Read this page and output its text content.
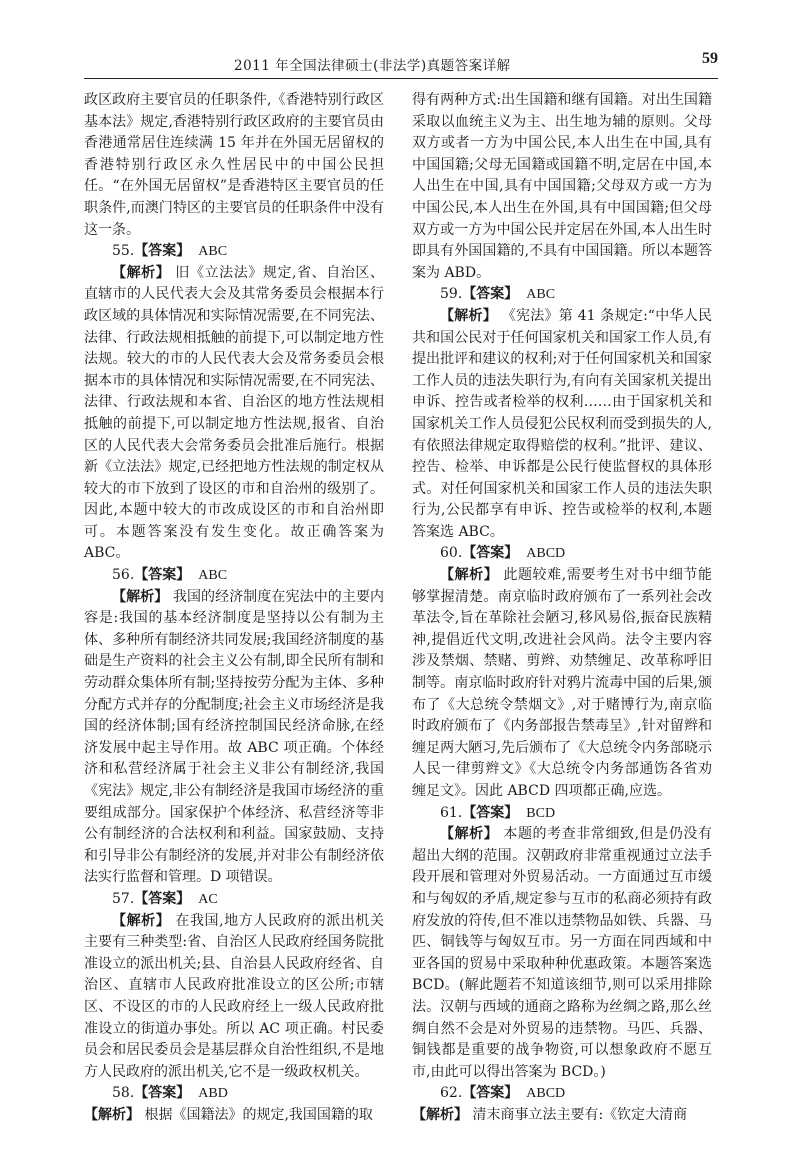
2011 年全国法律硕士(非法学)真题答案详解	59

政区政府主要官员的任职条件,《香港特别行政区基本法》规定,香港特别行政区政府的主要官员由香港通常居住连续满 15 年并在外国无居留权的香港特别行政区永久性居民中的中国公民担任。“在外国无居留权”是香港特区主要官员的任职条件,而澳门特区的主要官员的任职条件中没有这一条。

55.【答案】 ABC

【解析】 旧《立法法》规定,省、自治区、直辖市的人民代表大会及其常务委员会根据本行政区域的具体情况和实际情况需要,在不同宪法、法律、行政法规相抵触的前提下,可以制定地方性法规。较大的市的人民代表大会及常务委员会根据本市的具体情况和实际情况需要,在不同宪法、法律、行政法规和本省、自治区的地方性法规相抵触的前提下,可以制定地方性法规,报省、自治区的人民代表大会常务委员会批准后施行。根据新《立法法》规定,已经把地方性法规的制定权从较大的市下放到了设区的市和自治州的级别了。因此,本题中较大的市改成设区的市和自治州即可。本题答案没有发生变化。故正确答案为 ABC。

56.【答案】 ABC

【解析】 我国的经济制度在宪法中的主要内容是:我国的基本经济制度是坚持以公有制为主体、多种所有制经济共同发展;我国经济制度的基础是生产资料的社会主义公有制,即全民所有制和劳动群众集体所有制;坚持按劳分配为主体、多种分配方式并存的分配制度;社会主义市场经济是我国的经济体制;国有经济控制国民经济命脉,在经济发展中起主导作用。故 ABC 项正确。个体经济和私营经济属于社会主义非公有制经济,我国《宪法》规定,非公有制经济是我国市场经济的重要组成部分。国家保护个体经济、私营经济等非公有制经济的合法权利和利益。国家鼓励、支持和引导非公有制经济的发展,并对非公有制经济依法实行监督和管理。D 项错误。

57.【答案】 AC

【解析】 在我国,地方人民政府的派出机关主要有三种类型:省、自治区人民政府经国务院批准设立的派出机关;县、自治县人民政府经省、自治区、直辖市人民政府批准设立的区公所;市辖区、不设区的市的人民政府经上一级人民政府批准设立的街道办事处。所以 AC 项正确。村民委员会和居民委员会是基层群众自治性组织,不是地方人民政府的派出机关,它不是一级政权机关。

58.【答案】 ABD

【解析】 根据《国籍法》的规定,我国国籍的取

得有两种方式:出生国籍和继有国籍。对出生国籍采取以血统主义为主、出生地为辅的原则。父母双方或者一方为中国公民,本人出生在中国,具有中国国籍;父母无国籍或国籍不明,定居在中国,本人出生在中国,具有中国国籍;父母双方或一方为中国公民,本人出生在外国,具有中国国籍;但父母双方或一方为中国公民并定居在外国,本人出生时即具有外国国籍的,不具有中国国籍。所以本题答案为 ABD。

59.【答案】 ABC

【解析】 《宪法》第 41 条规定:“中华人民共和国公民对于任何国家机关和国家工作人员,有提出批评和建议的权利;对于任何国家机关和国家工作人员的违法失职行为,有向有关国家机关提出申诉、控告或者检举的权利……由于国家机关和国家机关工作人员侵犯公民权利而受到损失的人,有依照法律规定取得赔偿的权利。”批评、建议、控告、检举、申诉都是公民行使监督权的具体形式。对任何国家机关和国家工作人员的违法失职行为,公民都享有申诉、控告或检举的权利,本题答案选 ABC。

60.【答案】 ABCD

【解析】 此题较难,需要考生对书中细节能够掌握清楚。南京临时政府颁布了一系列社会改革法令,旨在革除社会陋习,移风易俗,振奋民族精神,提倡近代文明,改进社会风尚。法令主要内容涉及禁烟、禁赌、剪辫、劝禁缠足、改革称呼旧制等。南京临时政府针对鸦片流毒中国的后果,颁布了《大总统令禁烟文》,对于赌博行为,南京临时政府颁布了《内务部报告禁毒呈》,针对留辫和缠足两大陋习,先后颁布了《大总统令内务部晓示人民一律剪辫文》《大总统令内务部通饬各省劝缠足文》。因此 ABCD 四项都正确,应选。

61.【答案】 BCD

【解析】 本题的考查非常细致,但是仍没有超出大纲的范围。汉朝政府非常重视通过立法手段开展和管理对外贸易活动。一方面通过互市缓和与匈奴的矛盾,规定参与互市的私商必须持有政府发放的符传,但不准以违禁物品如铁、兵器、马匹、铜钱等与匈奴互市。另一方面在同西域和中亚各国的贸易中采取种种优惠政策。本题答案选 BCD。(解此题若不知道该细节,则可以采用排除法。汉朝与西域的通商之路称为丝绸之路,那么丝绸自然不会是对外贸易的违禁物。马匹、兵器、铜钱都是重要的战争物资,可以想象政府不愿互市,由此可以得出答案为 BCD。)

62.【答案】 ABCD

【解析】 清末商事立法主要有:《钦定大清商
